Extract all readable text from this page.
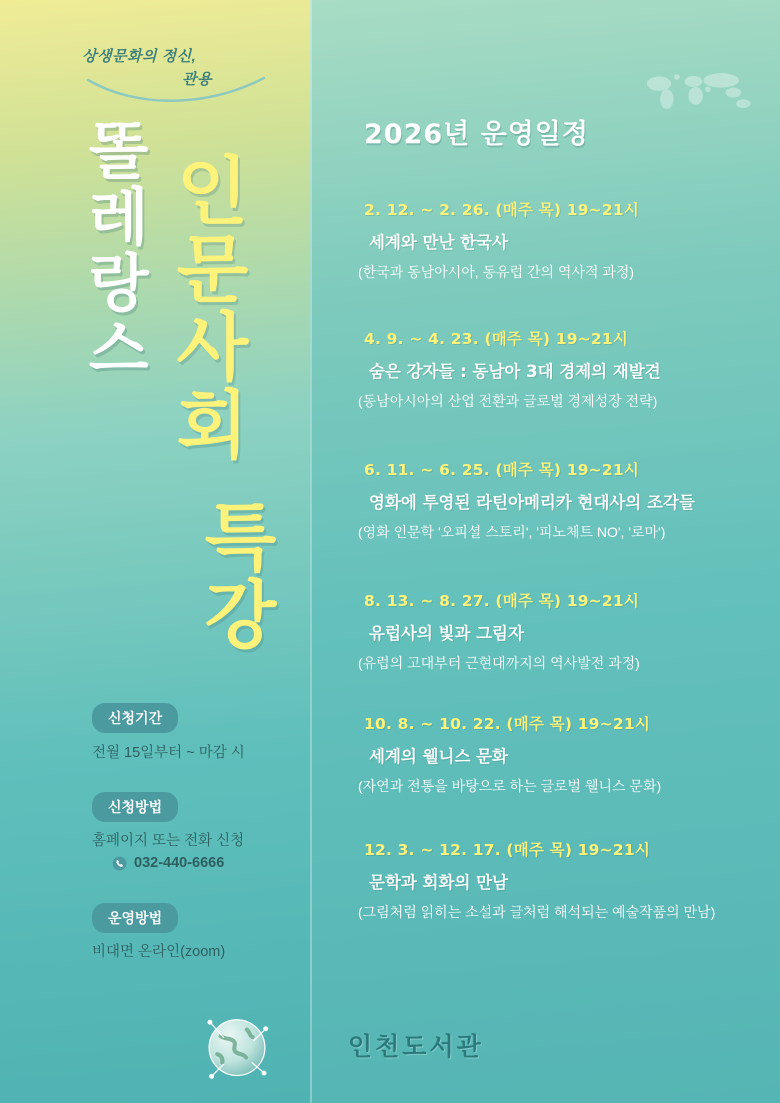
상생문화의 정신,
관용
똘레랑스 인문사회
특강
신청기간
전월 15일부터 ~ 마감 시
신청방법
홈페이지 또는 전화 신청
032-440-6666
운영방법
비대면 온라인(zoom)
2026년 운영일정
2. 12. ~ 2. 26. (매주 목) 19~21시
세계와 만난 한국사
(한국과 동남아시아, 동유럽 간의 역사적 과정)
4. 9. ~ 4. 23. (매주 목) 19~21시
숨은 강자들 : 동남아 3대 경제의 재발견
(동남아시아의 산업 전환과 글로벌 경제성장 전략)
6. 11. ~ 6. 25. (매주 목) 19~21시
영화에 투영된 라틴아메리카 현대사의 조각들
(영화 인문학 '오피셜 스토리', '피노체트 NO', '로마')
8. 13. ~ 8. 27. (매주 목) 19~21시
유럽사의 빛과 그림자
(유럽의 고대부터 근현대까지의 역사발전 과정)
10. 8. ~ 10. 22. (매주 목) 19~21시
세계의 웰니스 문화
(자연과 전통을 바탕으로 하는 글로벌 웰니스 문화)
12. 3. ~ 12. 17. (매주 목) 19~21시
문학과 회화의 만남
(그림처럼 읽히는 소설과 글처럼 해석되는 예술작품의 만남)
인천도서관
